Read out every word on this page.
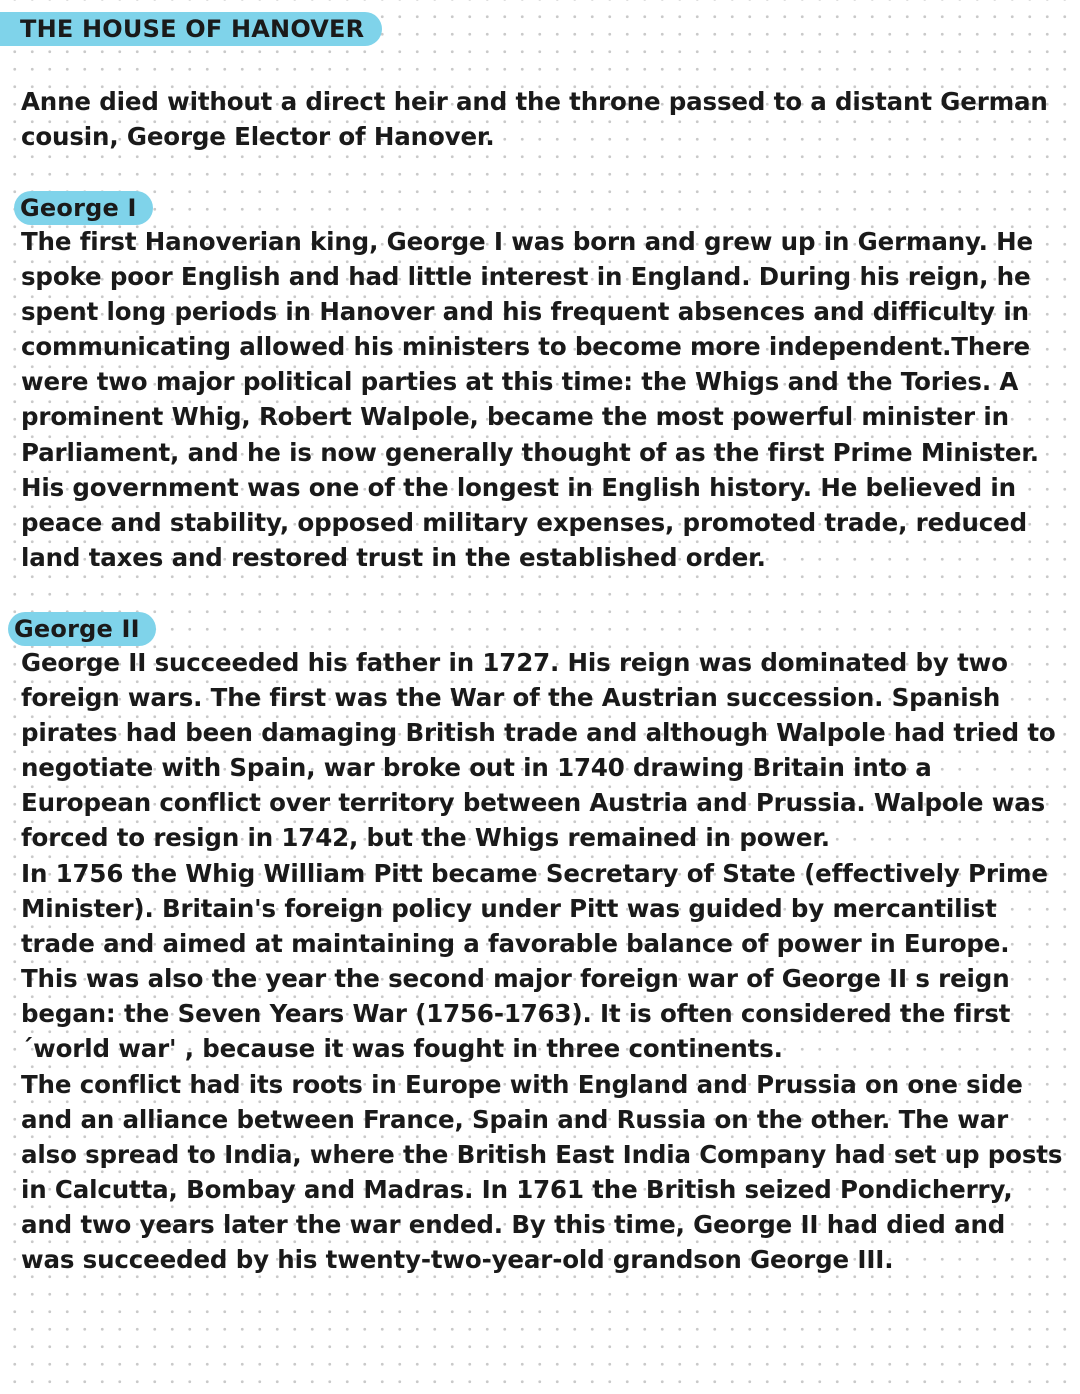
THE HOUSE OF HANOVER

Anne died without a direct heir and the throne passed to a distant German cousin, George Elector of Hanover.

George I

The first Hanoverian king, George I was born and grew up in Germany. He spoke poor English and had little interest in England. During his reign, he spent long periods in Hanover and his frequent absences and difficulty in communicating allowed his ministers to become more independent.There were two major political parties at this time: the Whigs and the Tories. A prominent Whig, Robert Walpole, became the most powerful minister in Parliament, and he is now generally thought of as the first Prime Minister. His government was one of the longest in English history. He believed in peace and stability, opposed military expenses, promoted trade, reduced land taxes and restored trust in the established order.

George II

George II succeeded his father in 1727. His reign was dominated by two foreign wars. The first was the War of the Austrian succession. Spanish pirates had been damaging British trade and although Walpole had tried to negotiate with Spain, war broke out in 1740 drawing Britain into a European conflict over territory between Austria and Prussia. Walpole was forced to resign in 1742, but the Whigs remained in power.

In 1756 the Whig William Pitt became Secretary of State (effectively Prime Minister). Britain's foreign policy under Pitt was guided by mercantilist trade and aimed at maintaining a favorable balance of power in Europe. This was also the year the second major foreign war of George II s reign began: the Seven Years War (1756-1763). It is often considered the first ´world war' , because it was fought in three continents.

The conflict had its roots in Europe with England and Prussia on one side and an alliance between France, Spain and Russia on the other. The war also spread to India, where the British East India Company had set up posts in Calcutta, Bombay and Madras. In 1761 the British seized Pondicherry, and two years later the war ended. By this time, George II had died and was succeeded by his twenty-two-year-old grandson George III.
